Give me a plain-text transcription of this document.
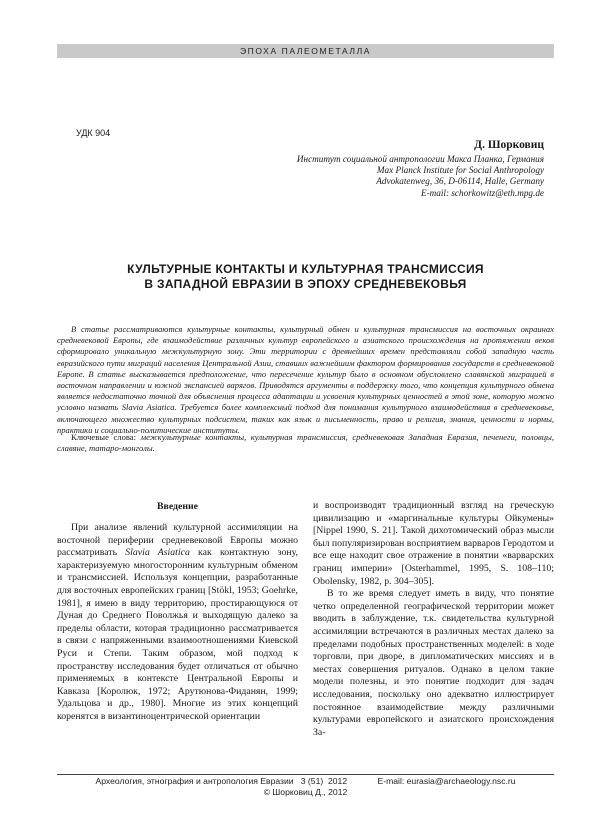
ЭПОХА ПАЛЕОМЕТАЛЛА
УДК 904
Д. Шорковиц
Институт социальной антропологии Макса Планка, Германия
Max Planck Institute for Social Anthropology
Advokatenweg, 36, D-06114, Halle, Germany
E-mail: schorkowitz@eth.mpg.de
КУЛЬТУРНЫЕ КОНТАКТЫ И КУЛЬТУРНАЯ ТРАНСМИССИЯ
В ЗАПАДНОЙ ЕВРАЗИИ В ЭПОХУ СРЕДНЕВЕКОВЬЯ
В статье рассматриваются культурные контакты, культурный обмен и культурная трансмиссия на восточных окраинах средневековой Европы, где взаимодействие различных культур европейского и азиатского происхождения на протяжении веков сформировало уникальную межкультурную зону. Эти территории с древнейших времен представляли собой западную часть евразийского пути миграций населения Центральной Азии, ставших важнейшим фактором формирования государств в средневековой Европе. В статье высказывается предположение, что пересечение культур было в основном обусловлено славянской миграцией в восточном направлении и южной экспансией варягов. Приводятся аргументы в поддержку того, что концепция культурного обмена является недостаточно точной для объяснения процесса адаптации и усвоения культурных ценностей в этой зоне, которую можно условно назвать Slavia Asiatica. Требуется более комплексный подход для понимания культурного взаимодействия в средневековье, включающего множество культурных подсистем, таких как язык и письменность, право и религия, знания, ценности и нормы, практики и социально-политические институты.
Ключевые слова: межкультурные контакты, культурная трансмиссия, средневековая Западная Евразия, печенеги, половцы, славяне, татаро-монголы.
Введение

При анализе явлений культурной ассимиляции на восточной периферии средневековой Европы можно рассматривать Slavia Asiatica как контактную зону, характеризуемую многосторонним культурным обменом и трансмиссией. Используя концепции, разработанные для восточных европейских границ [Stökl, 1953; Goehrke, 1981], я имею в виду территорию, простирающуюся от Дуная до Среднего Поволжья и выходящую далеко за пределы области, которая традиционно рассматривается в связи с напряженными взаимоотношениями Киевской Руси и Степи. Таким образом, мой подход к пространству исследования будет отличаться от обычно применяемых в контексте Центральной Европы и Кавказа [Королюк, 1972; Арутюнова-Фиданян, 1999; Удальцова и др., 1980]. Многие из этих концепций коренятся в византиноцентрической ориентации

и воспроизводят традиционный взгляд на греческую цивилизацию и «маргинальные культуры Ойкумены» [Nippel 1990, S. 21]. Такой дихотомический образ мысли был популяризирован восприятием варваров Геродотом и все еще находит свое отражение в понятии «варварских границ империи» [Osterhammel, 1995, S. 108–110; Obolensky, 1982, p. 304–305].

В то же время следует иметь в виду, что понятие четко определенной географической территории может вводить в заблуждение, т.к. свидетельства культурной ассимиляции встречаются в различных местах далеко за пределами подобных пространственных моделей: в ходе торговли, при дворе, в дипломатических миссиях и в местах совершения ритуалов. Однако в целом такие модели полезны, и это понятие подходит для задач исследования, поскольку оно адекватно иллюстрирует постоянное взаимодействие между различными культурами европейского и азиатского происхождения За-

Археология, этнография и антропология Евразии 3 (51) 2012	E-mail: eurasia@archaeology.nsc.ru
© Шорковиц Д., 2012
